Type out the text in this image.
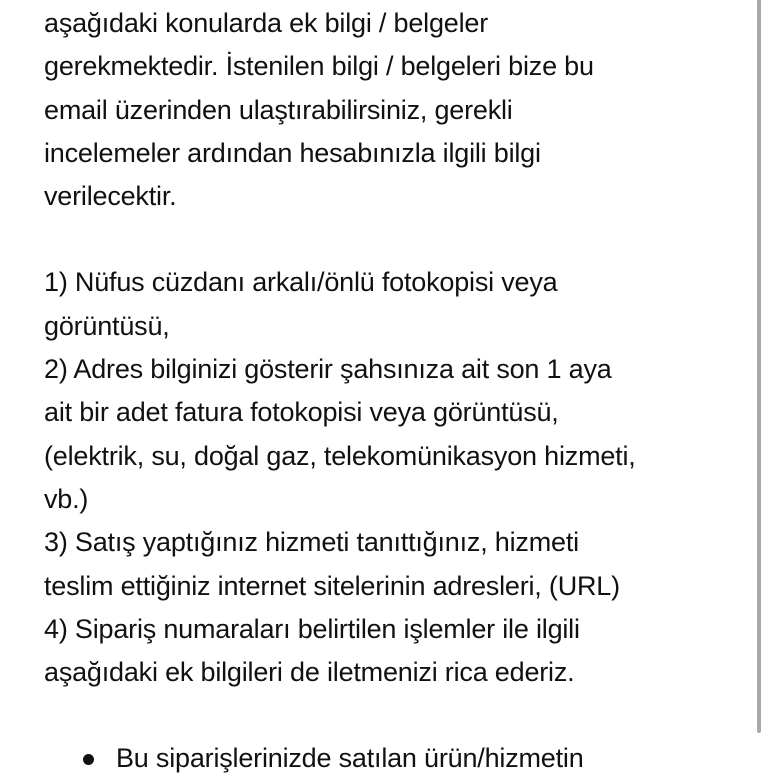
aşağıdaki konularda ek bilgi / belgeler
gerekmektedir. İstenilen bilgi / belgeleri bize bu
email üzerinden ulaştırabilirsiniz, gerekli
incelemeler ardından hesabınızla ilgili bilgi
verilecektir.

1) Nüfus cüzdanı arkalı/önlü fotokopisi veya
görüntüsü,
2) Adres bilginizi gösterir şahsınıza ait son 1 aya
ait bir adet fatura fotokopisi veya görüntüsü,
(elektrik, su, doğal gaz, telekomünikasyon hizmeti,
vb.)
3) Satış yaptığınız hizmeti tanıttığınız, hizmeti
teslim ettiğiniz internet sitelerinin adresleri, (URL)
4) Sipariş numaraları belirtilen işlemler ile ilgili
aşağıdaki ek bilgileri de iletmenizi rica ederiz.
Bu siparişlerinizde satılan ürün/hizmetin
